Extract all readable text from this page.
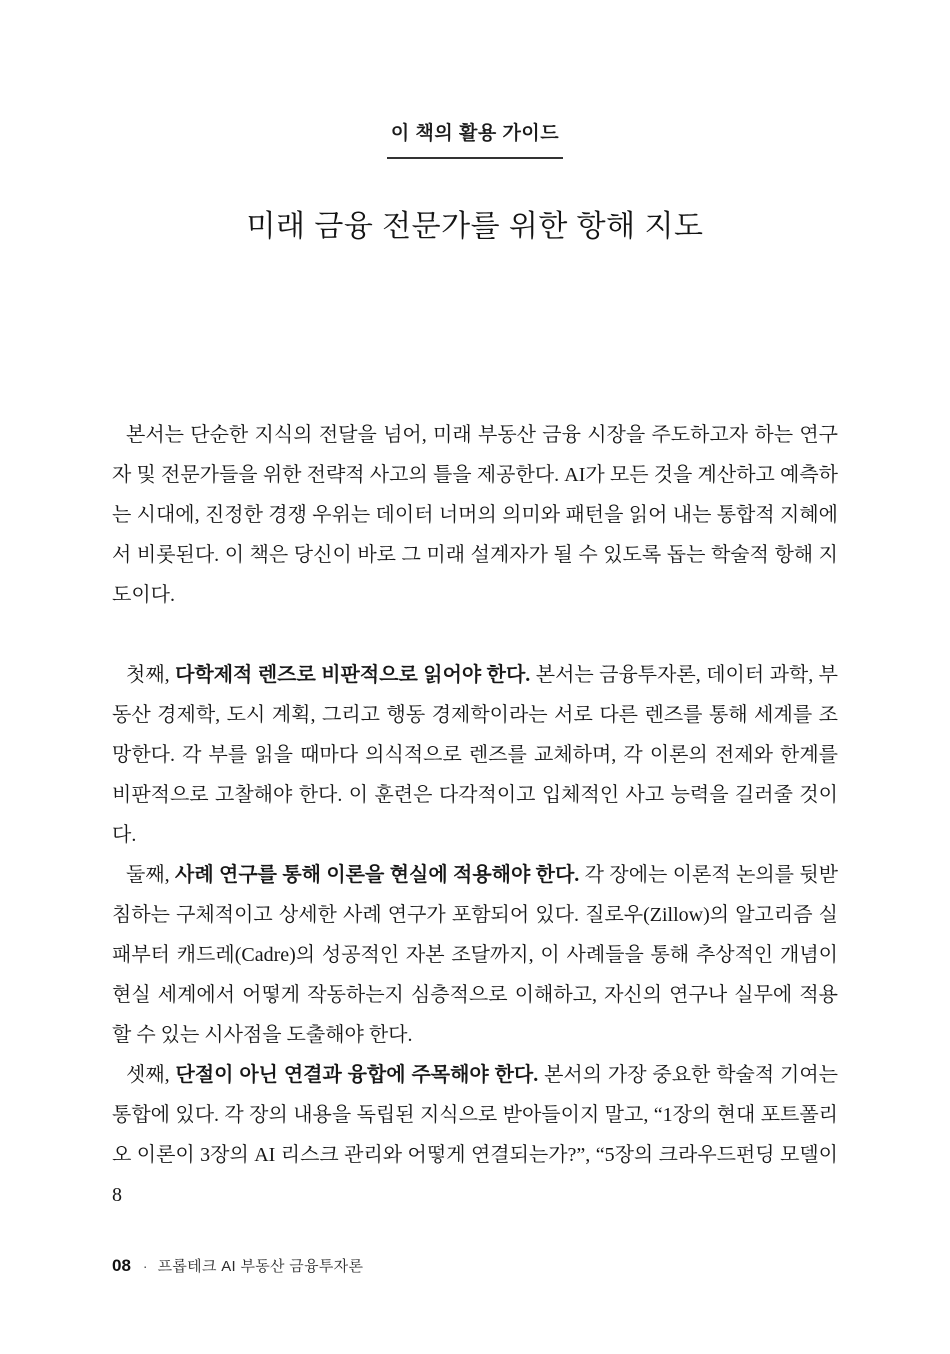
이 책의 활용 가이드
미래 금융 전문가를 위한 항해 지도

본서는 단순한 지식의 전달을 넘어, 미래 부동산 금융 시장을 주도하고자 하는 연구자 및 전문가들을 위한 전략적 사고의 틀을 제공한다. AI가 모든 것을 계산하고 예측하는 시대에, 진정한 경쟁 우위는 데이터 너머의 의미와 패턴을 읽어 내는 통합적 지혜에서 비롯된다. 이 책은 당신이 바로 그 미래 설계자가 될 수 있도록 돕는 학술적 항해 지도이다.

첫째, 다학제적 렌즈로 비판적으로 읽어야 한다. 본서는 금융투자론, 데이터 과학, 부동산 경제학, 도시 계획, 그리고 행동 경제학이라는 서로 다른 렌즈를 통해 세계를 조망한다. 각 부를 읽을 때마다 의식적으로 렌즈를 교체하며, 각 이론의 전제와 한계를 비판적으로 고찰해야 한다. 이 훈련은 다각적이고 입체적인 사고 능력을 길러줄 것이다.

둘째, 사례 연구를 통해 이론을 현실에 적용해야 한다. 각 장에는 이론적 논의를 뒷받침하는 구체적이고 상세한 사례 연구가 포함되어 있다. 질로우(Zillow)의 알고리즘 실패부터 캐드레(Cadre)의 성공적인 자본 조달까지, 이 사례들을 통해 추상적인 개념이 현실 세계에서 어떻게 작동하는지 심층적으로 이해하고, 자신의 연구나 실무에 적용할 수 있는 시사점을 도출해야 한다.

셋째, 단절이 아닌 연결과 융합에 주목해야 한다. 본서의 가장 중요한 학술적 기여는 통합에 있다. 각 장의 내용을 독립된 지식으로 받아들이지 말고, “1장의 현대 포트폴리오 이론이 3장의 AI 리스크 관리와 어떻게 연결되는가?”, “5장의 크라우드펀딩 모델이 8

08 · 프롭테크 AI 부동산 금융투자론
